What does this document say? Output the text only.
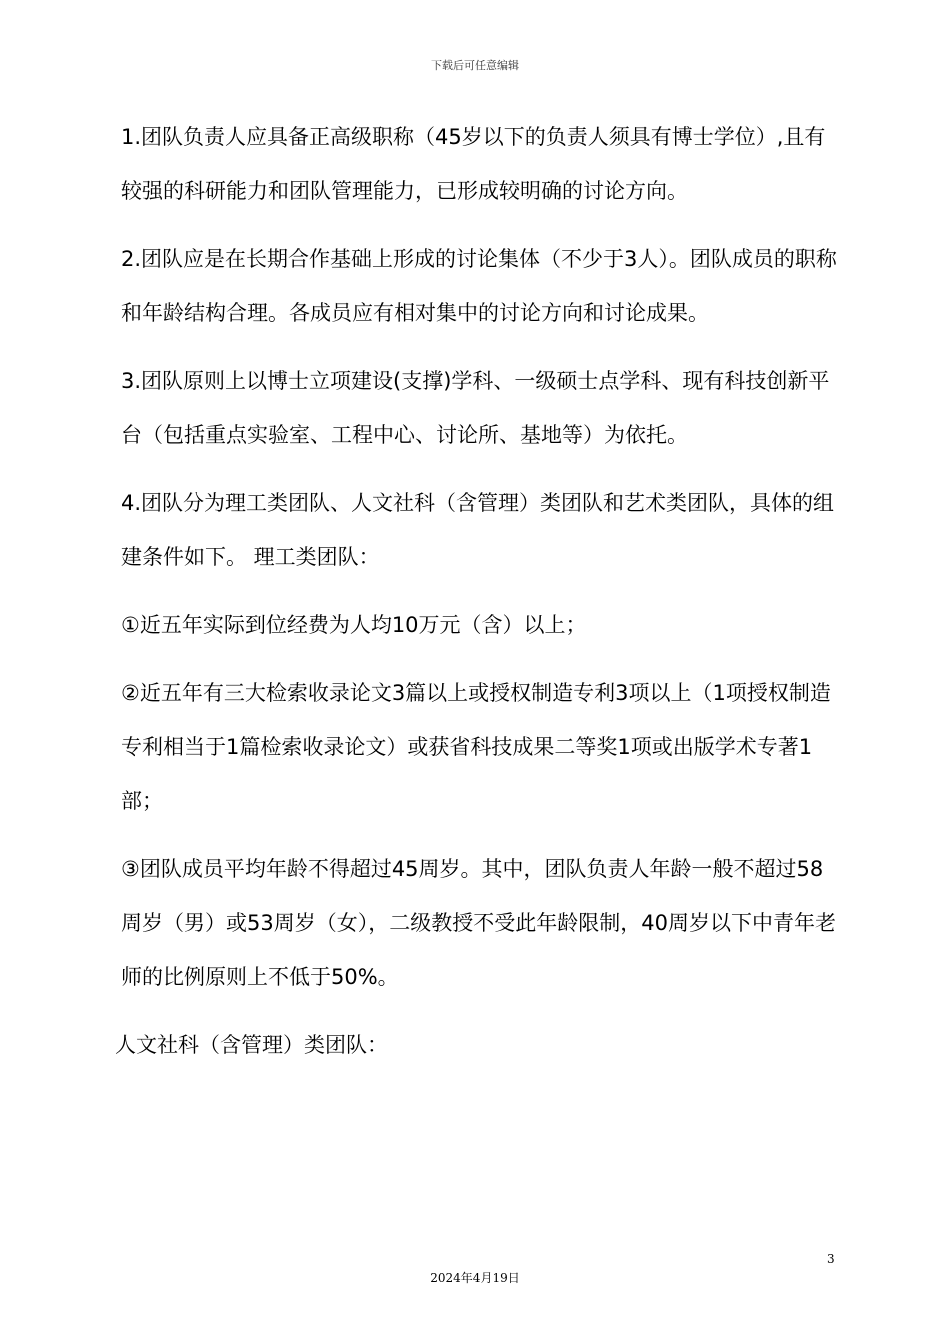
下载后可任意编辑

1.团队负责人应具备正高级职称（45岁以下的负责人须具有博士学位）,且有较强的科研能力和团队管理能力，已形成较明确的讨论方向。

2.团队应是在长期合作基础上形成的讨论集体（不少于3人）。团队成员的职称和年龄结构合理。各成员应有相对集中的讨论方向和讨论成果。

3.团队原则上以博士立项建设(支撑)学科、一级硕士点学科、现有科技创新平台（包括重点实验室、工程中心、讨论所、基地等）为依托。

4.团队分为理工类团队、人文社科（含管理）类团队和艺术类团队，具体的组建条件如下。 理工类团队：

①近五年实际到位经费为人均10万元（含）以上；

②近五年有三大检索收录论文3篇以上或授权制造专利3项以上（1项授权制造专利相当于1篇检索收录论文）或获省科技成果二等奖1项或出版学术专著1部；

③团队成员平均年龄不得超过45周岁。其中，团队负责人年龄一般不超过58周岁（男）或53周岁（女），二级教授不受此年龄限制，40周岁以下中青年老师的比例原则上不低于50%。

人文社科（含管理）类团队：

3
2024年4月19日
